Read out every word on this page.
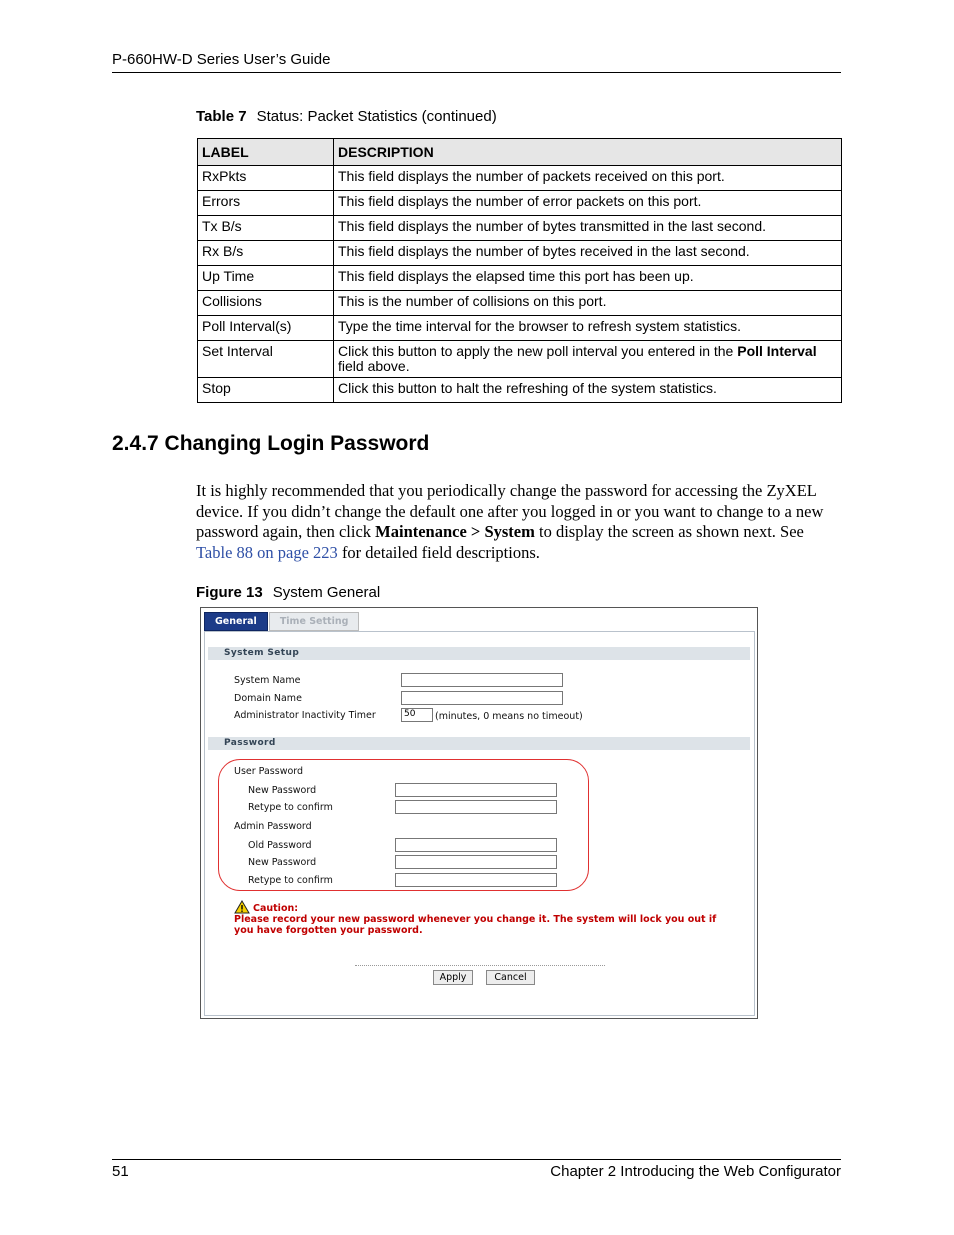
P-660HW-D Series User’s Guide
Table 7 Status: Packet Statistics (continued)
LABEL	DESCRIPTION
RxPkts	This field displays the number of packets received on this port.
Errors	This field displays the number of error packets on this port.
Tx B/s	This field displays the number of bytes transmitted in the last second.
Rx B/s	This field displays the number of bytes received in the last second.
Up Time	This field displays the elapsed time this port has been up.
Collisions	This is the number of collisions on this port.
Poll Interval(s)	Type the time interval for the browser to refresh system statistics.
Set Interval	Click this button to apply the new poll interval you entered in the Poll Interval field above.
Stop	Click this button to halt the refreshing of the system statistics.
2.4.7 Changing Login Password
It is highly recommended that you periodically change the password for accessing the ZyXEL device. If you didn’t change the default one after you logged in or you want to change to a new password again, then click Maintenance > System to display the screen as shown next. See Table 88 on page 223 for detailed field descriptions.
Figure 13 System General
General	Time Setting
System Setup
System Name
Domain Name
Administrator Inactivity Timer	50	(minutes, 0 means no timeout)
Password
User Password
New Password
Retype to confirm
Admin Password
Old Password
New Password
Retype to confirm
Caution:
Please record your new password whenever you change it. The system will lock you out if you have forgotten your password.
Apply	Cancel
51	Chapter 2 Introducing the Web Configurator
